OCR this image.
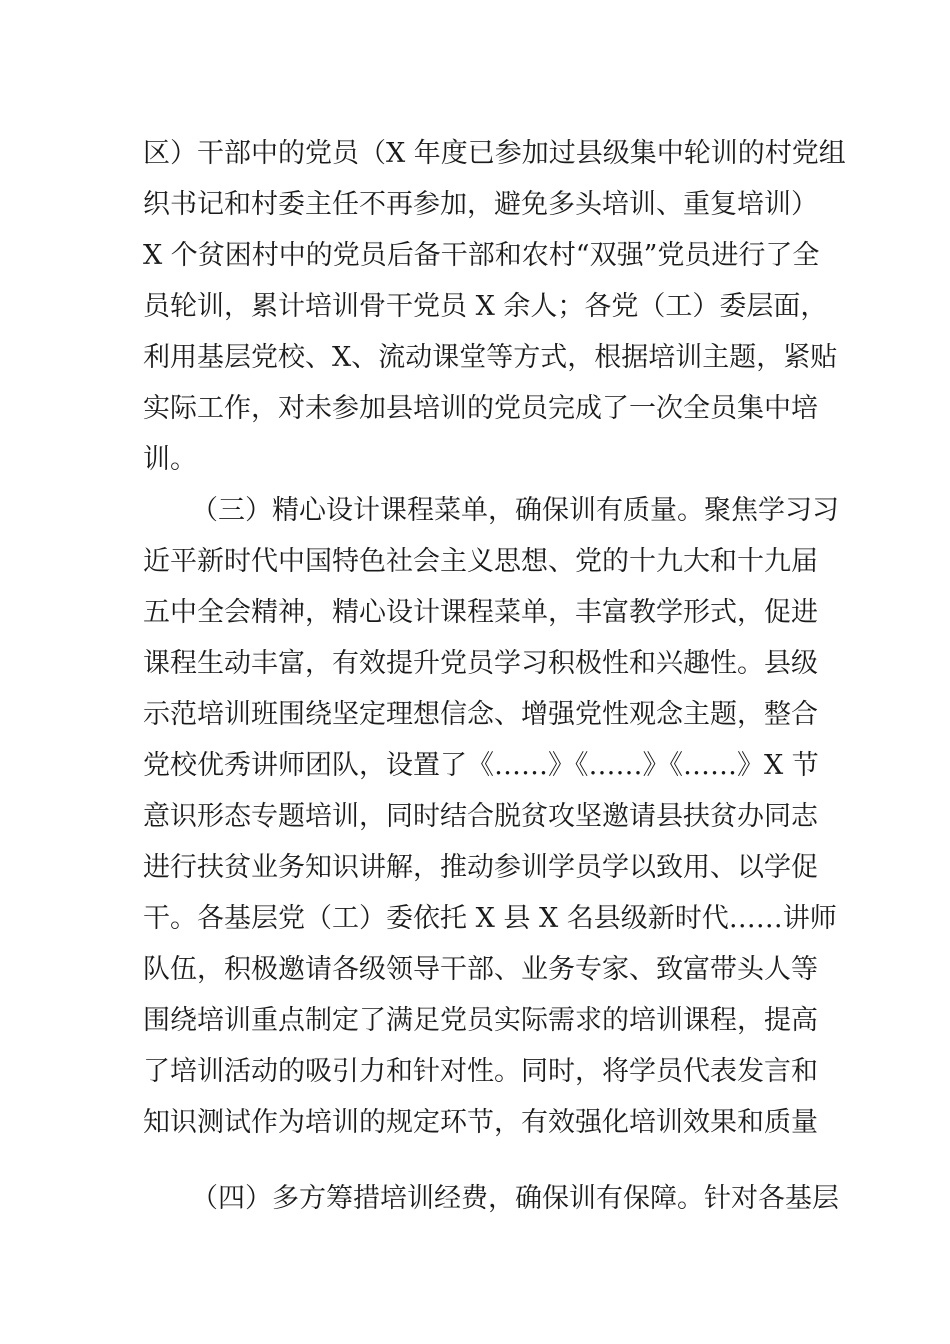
区）干部中的党员（X 年度已参加过县级集中轮训的村党组
织书记和村委主任不再参加，避免多头培训、重复培训）
X 个贫困村中的党员后备干部和农村“双强”党员进行了全
员轮训，累计培训骨干党员 X 余人；各党（工）委层面，
利用基层党校、X、流动课堂等方式，根据培训主题，紧贴
实际工作，对未参加县培训的党员完成了一次全员集中培
训。
（三）精心设计课程菜单，确保训有质量。聚焦学习习
近平新时代中国特色社会主义思想、党的十九大和十九届
五中全会精神，精心设计课程菜单，丰富教学形式，促进
课程生动丰富，有效提升党员学习积极性和兴趣性。县级
示范培训班围绕坚定理想信念、增强党性观念主题，整合
党校优秀讲师团队，设置了《……》《……》《……》X 节
意识形态专题培训，同时结合脱贫攻坚邀请县扶贫办同志
进行扶贫业务知识讲解，推动参训学员学以致用、以学促
干。各基层党（工）委依托 X 县 X 名县级新时代……讲师
队伍，积极邀请各级领导干部、业务专家、致富带头人等
围绕培训重点制定了满足党员实际需求的培训课程，提高
了培训活动的吸引力和针对性。同时，将学员代表发言和
知识测试作为培训的规定环节，有效强化培训效果和质量
（四）多方筹措培训经费，确保训有保障。针对各基层
